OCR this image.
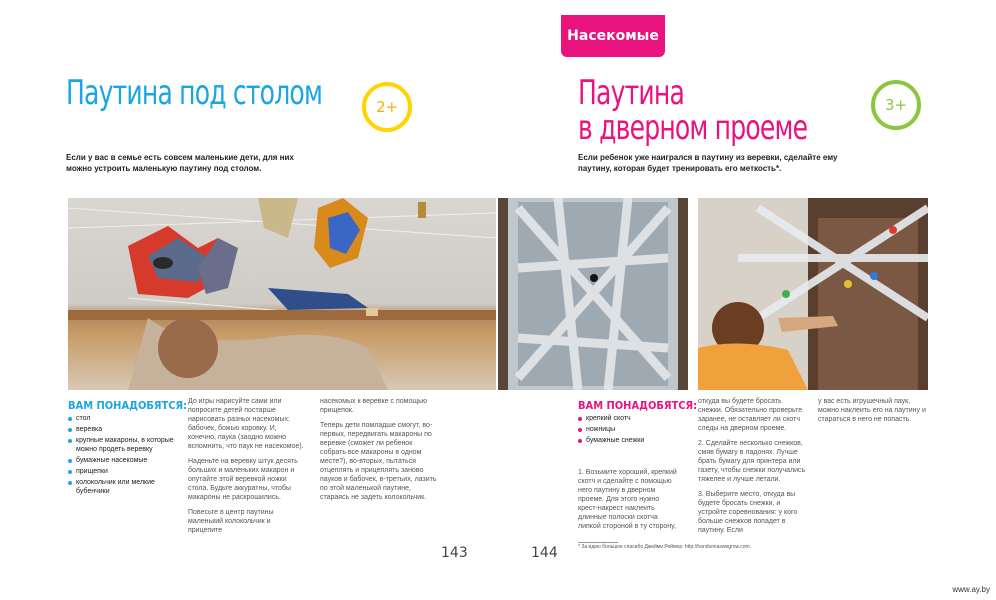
Насекомые
Паутина под столом	2+
Если у вас в семье есть совсем маленькие дети, для них можно устроить маленькую паутину под столом.
ВАМ ПОНАДОБЯТСЯ:
стол
веревка
крупные макароны, в которые можно продеть веревку
бумажные насекомые
прищепки
колокольчик или мелкие бубенчики

До игры нарисуйте сами или попросите детей постарше нарисовать разных насекомых: бабочек, божью коровку. И, конечно, паука (заодно можно вспомнить, что паук не насекомое).

Наденьте на веревку штук десять больших и маленьких макарон и опутайте этой веревкой ножки стола. Будьте аккуратны, чтобы макароны не раскрошились.

Повесьте в центр паутины маленький колокольчик и прицепите

насекомых к веревке с помощью прищепок.

Теперь дети помладше смогут, во-первых, передвигать макароны по веревке (сможет ли ребенок собрать все макароны в одном месте?), во-вторых, пытаться отцеплять и прицеплять заново пауков и бабочек, в-третьих, лазить по этой маленькой паутине, стараясь не задеть колокольчик.

143
Паутина
в дверном проеме
3+
Если ребенок уже наигрался в паутину из веревки, сделайте ему паутину, которая будет тренировать его меткость*.
ВАМ ПОНАДОБЯТСЯ:
крепкий скотч
ножницы
бумажные снежки

1. Возьмите хороший, крепкий скотч и сделайте с помощью него паутину в дверном проеме. Для этого нужно крест-накрест наклеить длинные полоски скотча липкой стороной в ту сторону,

откуда вы будете бросать снежки. Обязательно проверьте заранее, не оставляет ли скотч следы на дверном проеме.

2. Сделайте несколько снежков, смяв бумагу в ладонях. Лучше брать бумагу для принтера или газету, чтобы снежки получались тяжелее и лучше летали.

3. Выберите место, откуда вы будете бросать снежки, и устройте соревнования: у кого больше снежков попадет в паутину. Если

у вас есть игрушечный паук, можно наклеить его на паутину и стараться в него не попасть.

* За идею большое спасибо Джейми Реймер: http://handsonaswegrow.com.
144
www.ay.by
